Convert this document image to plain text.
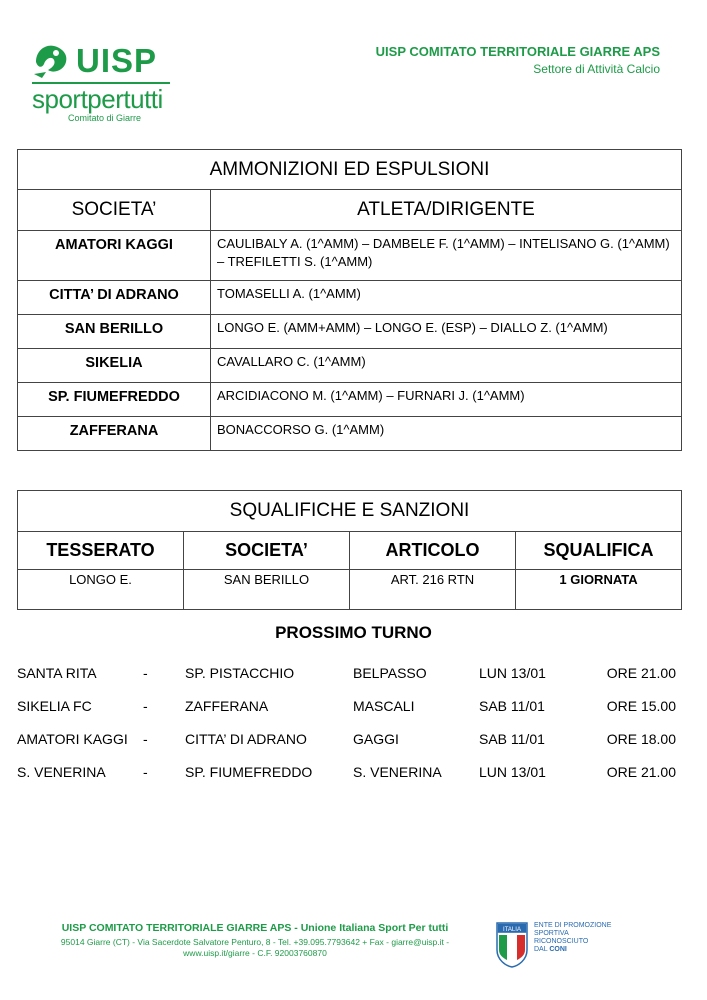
UISP
sportpertutti
Comitato di Giarre
UISP COMITATO TERRITORIALE GIARRE APS
Settore di Attività Calcio
AMMONIZIONI ED ESPULSIONI	
SOCIETA’	ATLETA/DIRIGENTE
AMATORI KAGGI	CAULIBALY A. (1^AMM) – DAMBELE F. (1^AMM) – INTELISANO G. (1^AMM) – TREFILETTI S. (1^AMM)
CITTA’ DI ADRANO	TOMASELLI A. (1^AMM)
SAN BERILLO	LONGO E. (AMM+AMM) – LONGO E. (ESP) – DIALLO Z. (1^AMM)
SIKELIA	CAVALLARO C. (1^AMM)
SP. FIUMEFREDDO	ARCIDIACONO M. (1^AMM) – FURNARI J. (1^AMM)
ZAFFERANA	BONACCORSO G. (1^AMM)
SQUALIFICHE E SANZIONI			
TESSERATO	SOCIETA’	ARTICOLO	SQUALIFICA
LONGO E.	SAN BERILLO	ART. 216 RTN	1 GIORNATA
PROSSIMO TURNO
SANTA RITA	-	SP. PISTACCHIO	BELPASSO	LUN 13/01	ORE 21.00
SIKELIA FC	-	ZAFFERANA	MASCALI	SAB 11/01	ORE 15.00
AMATORI KAGGI -	CITTA’ DI ADRANO	GAGGI	SAB 11/01	ORE 18.00
S. VENERINA	-	SP. FIUMEFREDDO	S. VENERINA	LUN 13/01	ORE 21.00
UISP COMITATO TERRITORIALE GIARRE APS - Unione Italiana Sport Per tutti
95014 Giarre (CT) - Via Sacerdote Salvatore Penturo, 8 - Tel. +39.095.7793642 + Fax - giarre@uisp.it - www.uisp.it/giarre - C.F. 92003760870
ITALIA
ENTE DI PROMOZIONE
SPORTIVA
RICONOSCIUTO
DAL CONI
